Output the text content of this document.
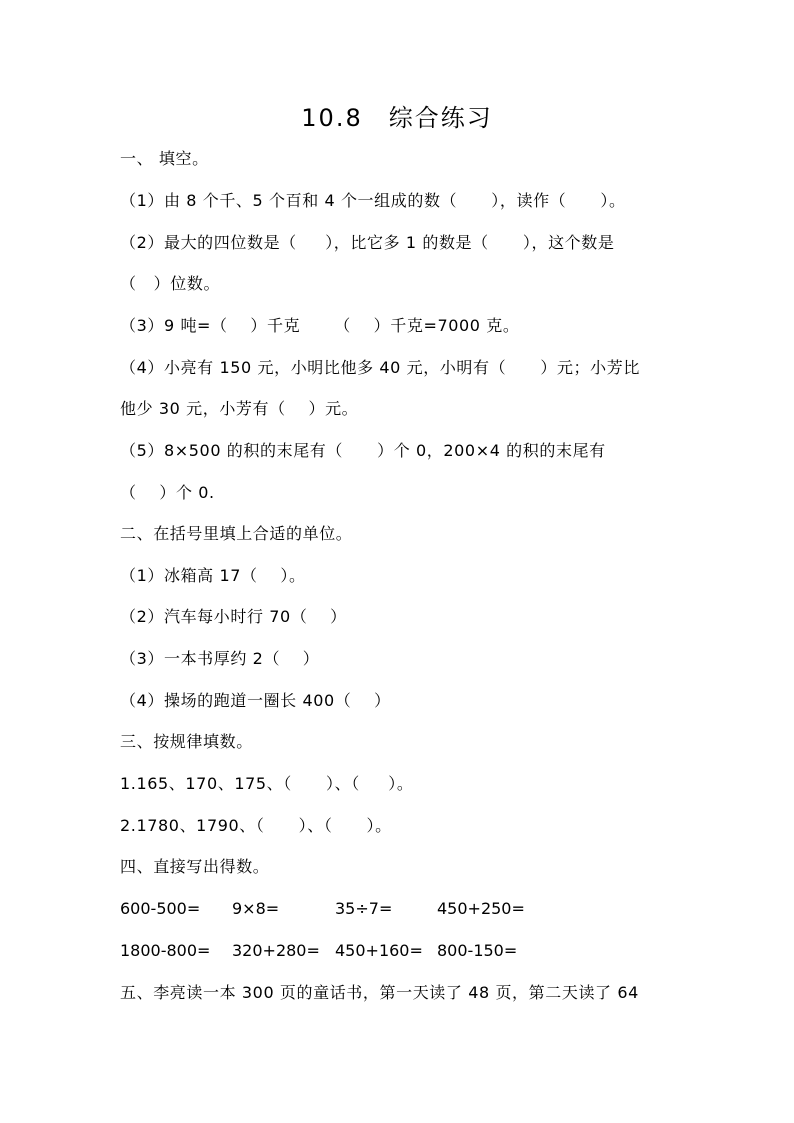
10.8　综合练习
一、 填空。
（1）由 8 个千、5 个百和 4 个一组成的数（      ），读作（      ）。
（2）最大的四位数是（     ），比它多 1 的数是（      ），这个数是
（   ）位数。
（3）9 吨=（    ）千克      （    ）千克=7000 克。
（4）小亮有 150 元，小明比他多 40 元，小明有（      ）元；小芳比
他少 30 元，小芳有（    ）元。
（5）8×500 的积的末尾有（      ）个 0，200×4 的积的末尾有
（    ）个 0.
二、在括号里填上合适的单位。
（1）冰箱高 17（    ）。
（2）汽车每小时行 70（    ）
（3）一本书厚约 2（    ）
（4）操场的跑道一圈长 400（    ）
三、按规律填数。
1.165、170、175、（      ）、（     ）。
2.1780、1790、（      ）、（      ）。
四、直接写出得数。
600-500= 9×8=	35÷7=	450+250=
1800-800= 320+280= 450+160= 800-150=
五、李亮读一本 300 页的童话书，第一天读了 48 页，第二天读了 64
